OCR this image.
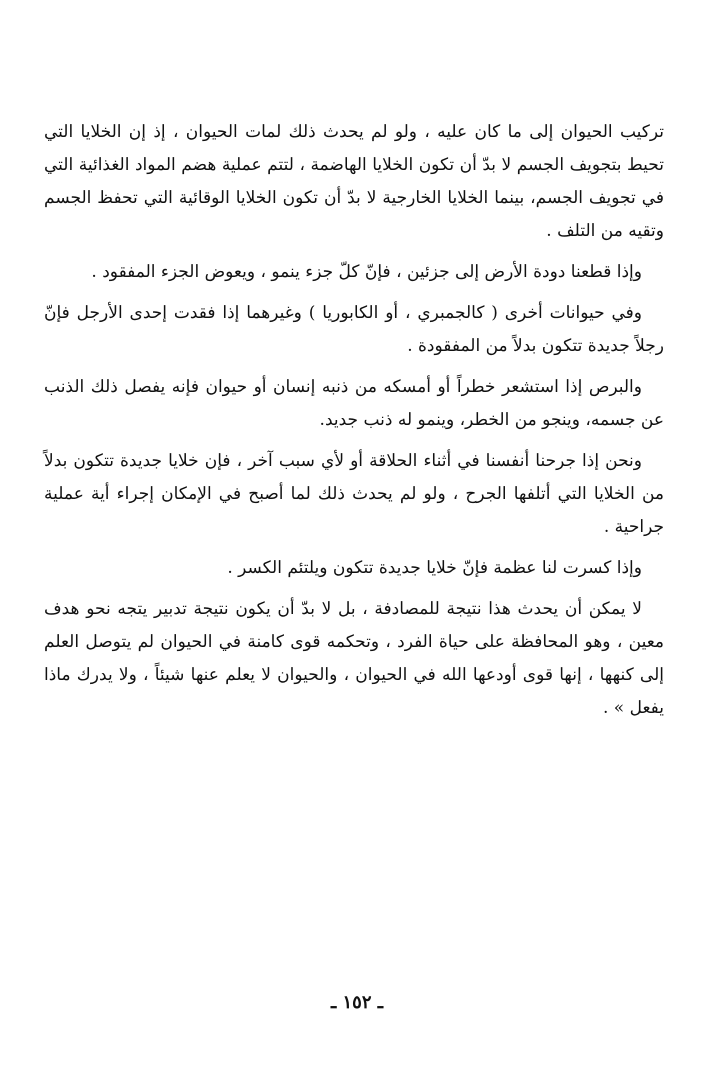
تركيب الحيوان إلى ما كان عليه ، ولو لم يحدث ذلك لمات الحيوان ، إذ إن الخلايا التي تحيط بتجويف الجسم لا بدّ أن تكون الخلايا الهاضمة ، لتتم عملية هضم المواد الغذائية التي في تجويف الجسم، بينما الخلايا الخارجية لا بدّ أن تكون الخلايا الوقائية التي تحفظ الجسم وتقيه من التلف .

وإذا قطعنا دودة الأرض إلى جزئين ، فإنّ كلّ جزء ينمو ، ويعوض الجزء المفقود .

وفي حيوانات أخرى ( كالجمبري ، أو الكابوريا ) وغيرهما إذا فقدت إحدى الأرجل فإنّ رجلاً جديدة تتكون بدلاً من المفقودة .

والبرص إذا استشعر خطراً أو أمسكه من ذنبه إنسان أو حيوان فإنه يفصل ذلك الذنب عن جسمه، وينجو من الخطر، وينمو له ذنب جديد.

ونحن إذا جرحنا أنفسنا في أثناء الحلاقة أو لأي سبب آخر ، فإن خلايا جديدة تتكون بدلاً من الخلايا التي أتلفها الجرح ، ولو لم يحدث ذلك لما أصبح في الإمكان إجراء أية عملية جراحية .

وإذا كسرت لنا عظمة فإنّ خلايا جديدة تتكون ويلتئم الكسر .

لا يمكن أن يحدث هذا نتيجة للمصادفة ، بل لا بدّ أن يكون نتيجة تدبير يتجه نحو هدف معين ، وهو المحافظة على حياة الفرد ، وتحكمه قوى كامنة في الحيوان لم يتوصل العلم إلى كنهها ، إنها قوى أودعها الله في الحيوان ، والحيوان لا يعلم عنها شيئاً ، ولا يدرك ماذا يفعل » .

ـ ١٥٢ ـ
